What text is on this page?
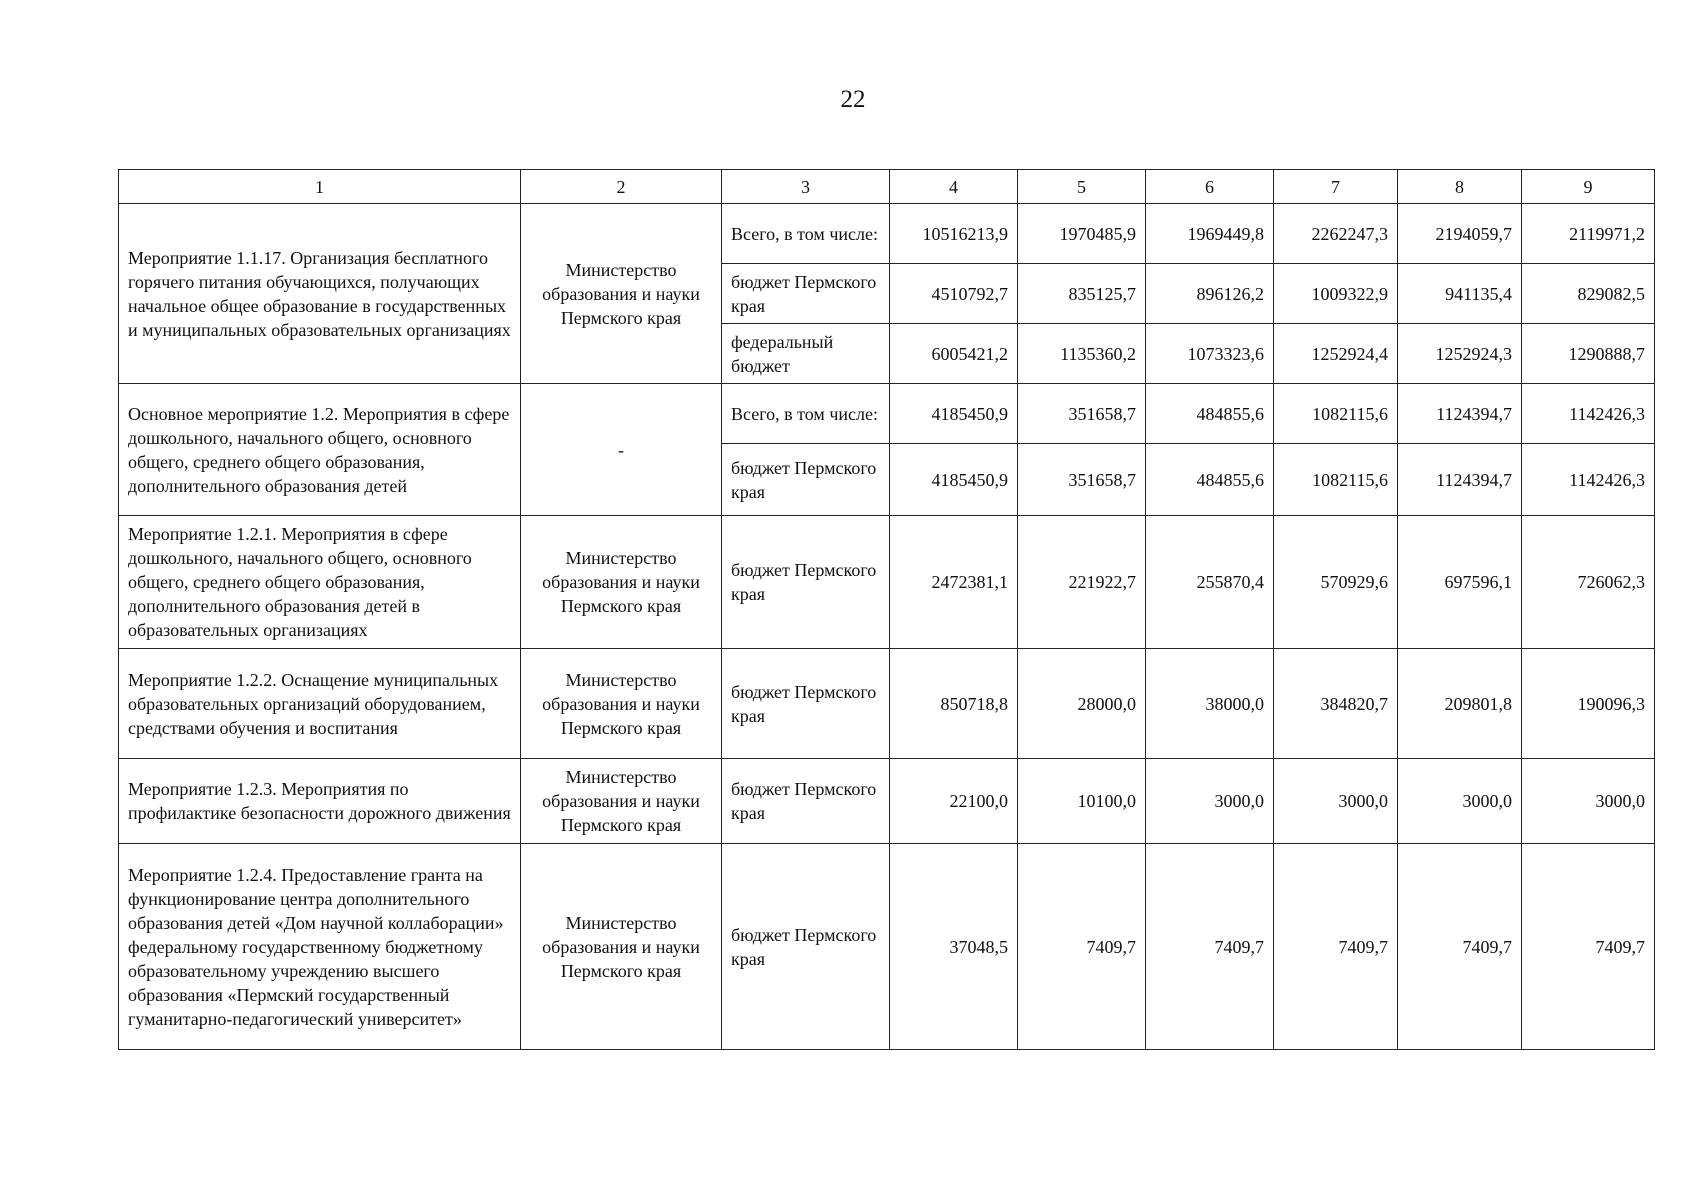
22
1	2	3	4	5	6	7	8	9
Мероприятие 1.1.17. Организация бесплатного горячего питания обучающихся, получающих начальное общее образование в государственных и муниципальных образовательных организациях	Министерство образования и науки Пермского края	Всего, в том числе:	10516213,9	1970485,9	1969449,8	2262247,3	2194059,7	2119971,2
		бюджет Пермского края	4510792,7	835125,7	896126,2	1009322,9	941135,4	829082,5
		федеральный бюджет	6005421,2	1135360,2	1073323,6	1252924,4	1252924,3	1290888,7
Основное мероприятие 1.2. Мероприятия в сфере дошкольного, начального общего, основного общего, среднего общего образования, дополнительного образования детей	-	Всего, в том числе:	4185450,9	351658,7	484855,6	1082115,6	1124394,7	1142426,3
		бюджет Пермского края	4185450,9	351658,7	484855,6	1082115,6	1124394,7	1142426,3
Мероприятие 1.2.1. Мероприятия в сфере дошкольного, начального общего, основного общего, среднего общего образования, дополнительного образования детей в образовательных организациях	Министерство образования и науки Пермского края	бюджет Пермского края	2472381,1	221922,7	255870,4	570929,6	697596,1	726062,3
Мероприятие 1.2.2. Оснащение муниципальных образовательных организаций оборудованием, средствами обучения и воспитания	Министерство образования и науки Пермского края	бюджет Пермского края	850718,8	28000,0	38000,0	384820,7	209801,8	190096,3
Мероприятие 1.2.3. Мероприятия по профилактике безопасности дорожного движения	Министерство образования и науки Пермского края	бюджет Пермского края	22100,0	10100,0	3000,0	3000,0	3000,0	3000,0
Мероприятие 1.2.4. Предоставление гранта на функционирование центра дополнительного образования детей «Дом научной коллаборации» федеральному государственному бюджетному образовательному учреждению высшего образования «Пермский государственный гуманитарно-педагогический университет»	Министерство образования и науки Пермского края	бюджет Пермского края	37048,5	7409,7	7409,7	7409,7	7409,7	7409,7
